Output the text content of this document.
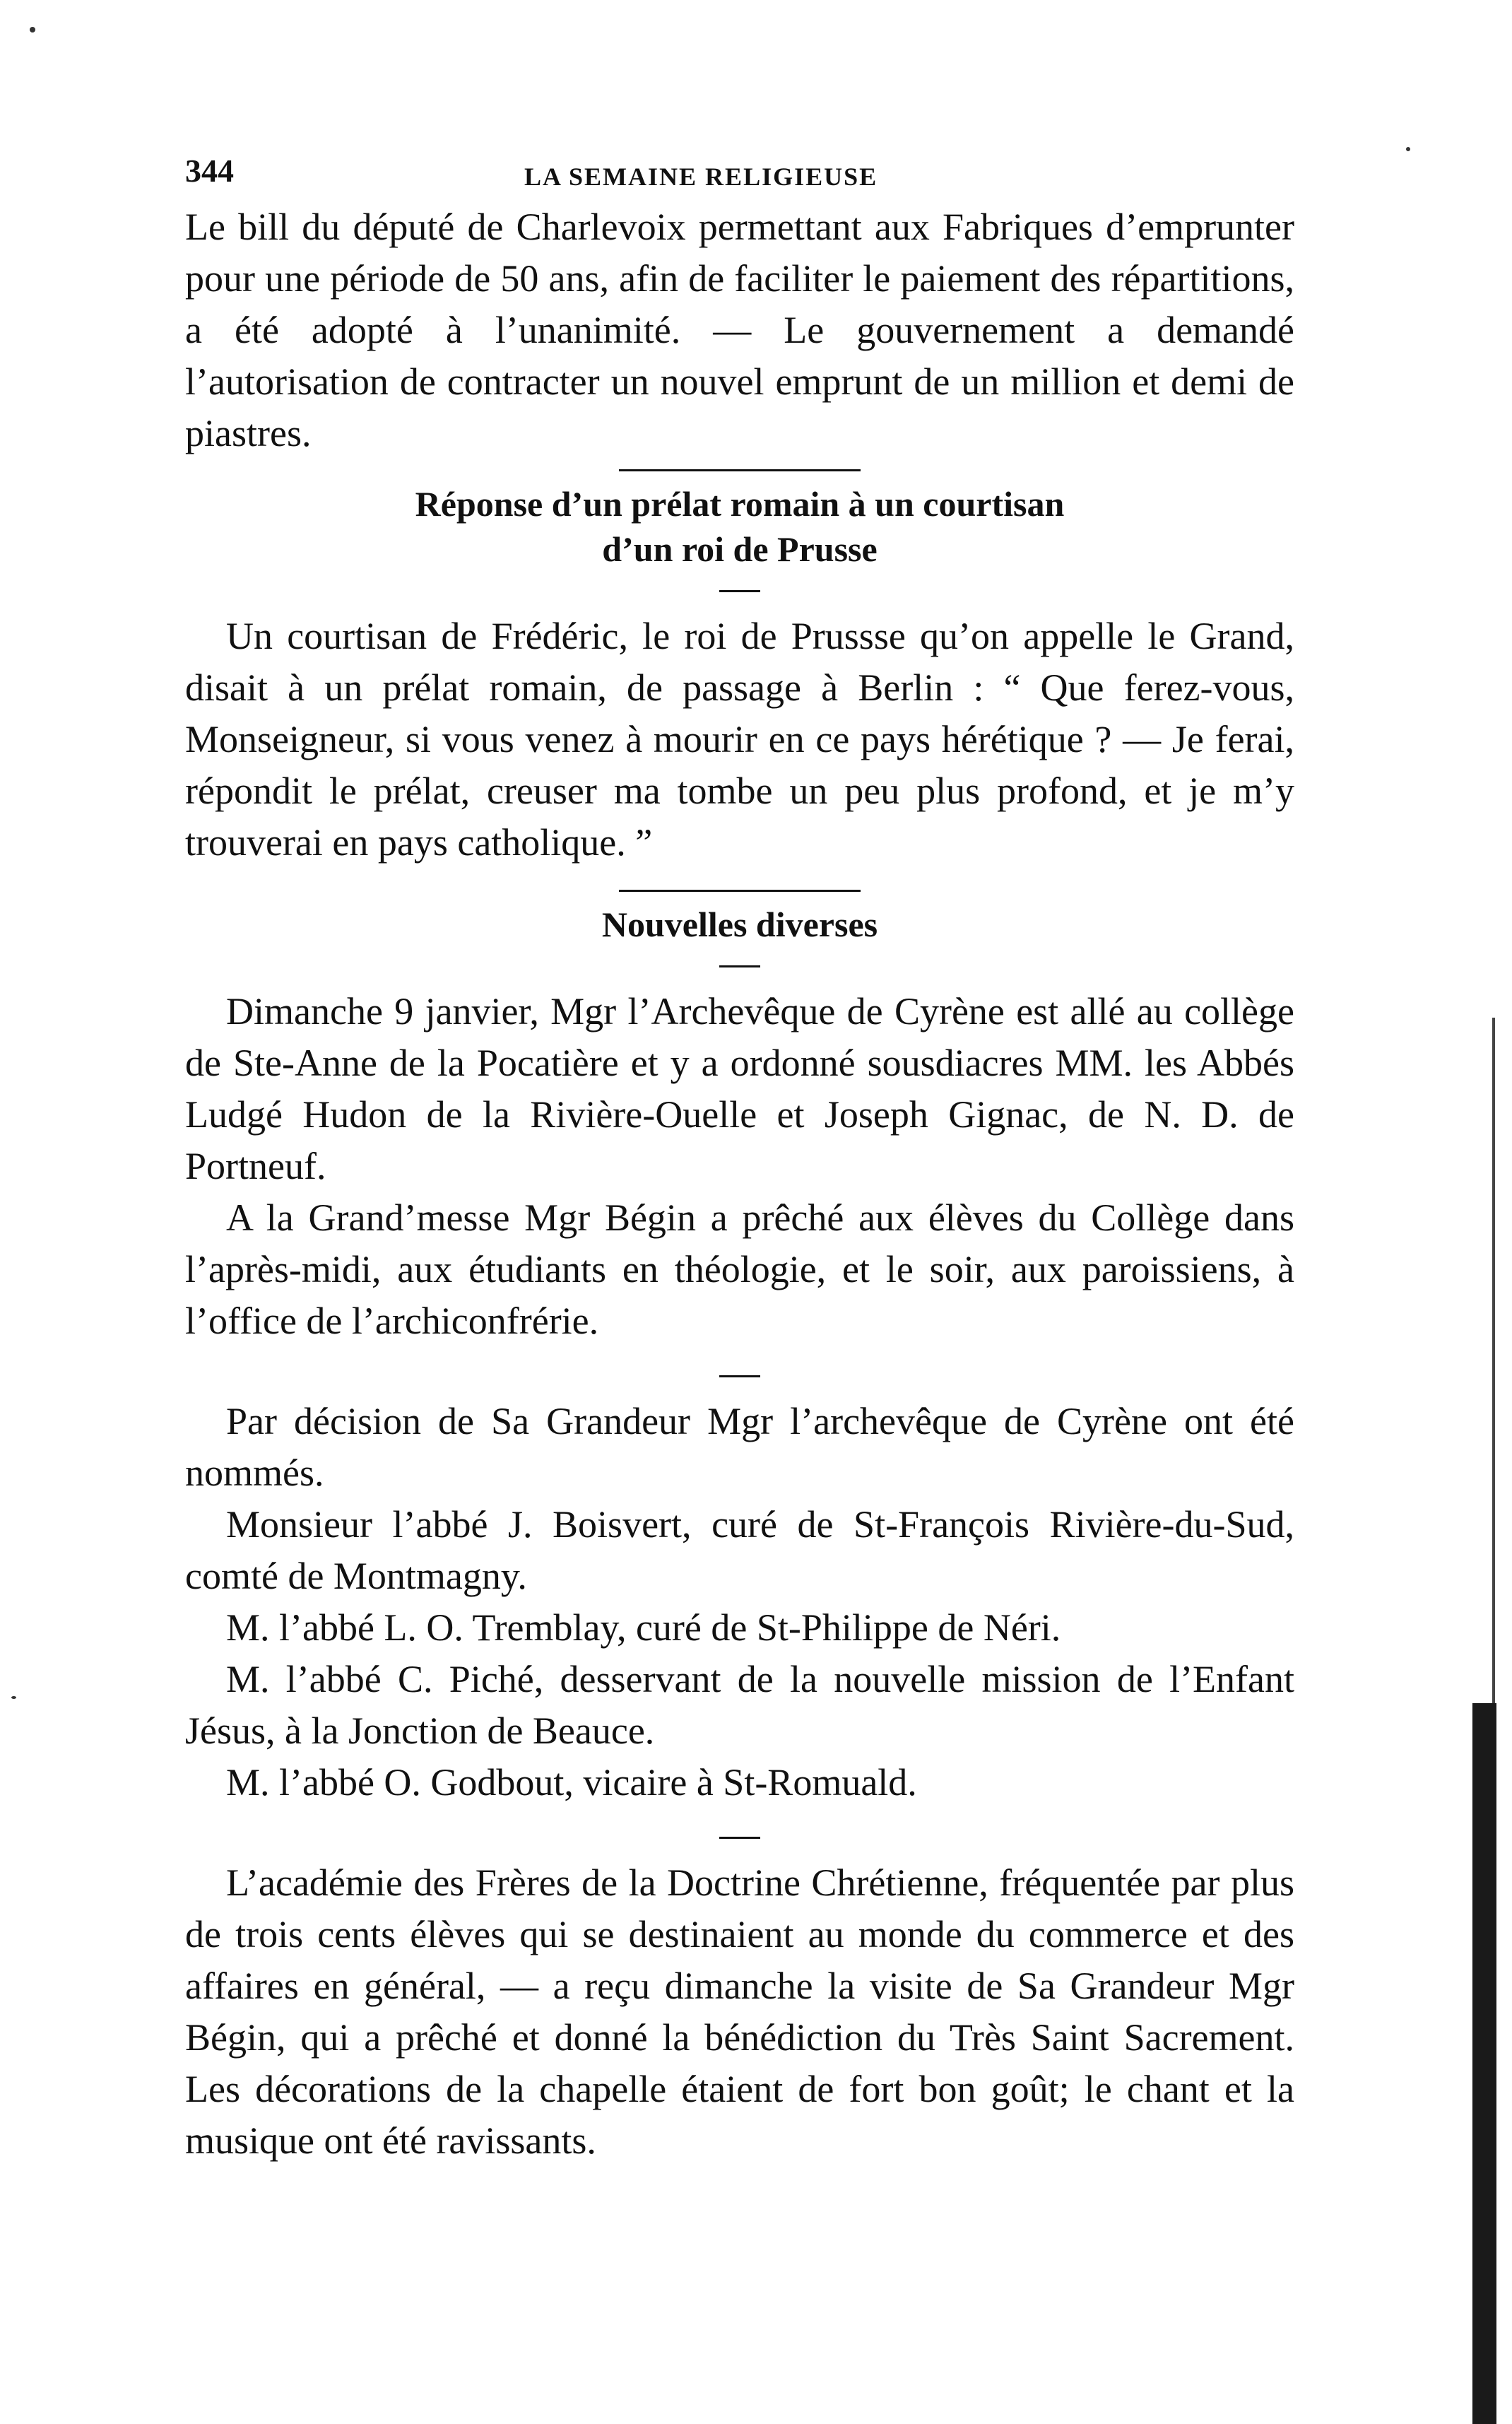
344	LA SEMAINE RELIGIEUSE

Le bill du député de Charlevoix permettant aux Fabriques d’emprunter pour une période de 50 ans, afin de faciliter le paiement des répartitions, a été adopté à l’unanimité. — Le gouvernement a demandé l’autorisation de contracter un nouvel emprunt de un million et demi de piastres.

Réponse d’un prélat romain à un courtisan
d’un roi de Prusse

Un courtisan de Frédéric, le roi de Prussse qu’on appelle le Grand, disait à un prélat romain, de passage à Berlin : “ Que ferez-vous, Monseigneur, si vous venez à mourir en ce pays hérétique ? — Je ferai, répondit le prélat, creuser ma tombe un peu plus profond, et je m’y trouverai en pays catholique. ”

Nouvelles diverses

Dimanche 9 janvier, Mgr l’Archevêque de Cyrène est allé au collège de Ste-Anne de la Pocatière et y a ordonné sousdiacres MM. les Abbés Ludgé Hudon de la Rivière-Ouelle et Joseph Gignac, de N. D. de Portneuf.

A la Grand’messe Mgr Bégin a prêché aux élèves du Collège dans l’après-midi, aux étudiants en théologie, et le soir, aux paroissiens, à l’office de l’archiconfrérie.

Par décision de Sa Grandeur Mgr l’archevêque de Cyrène ont été nommés.

Monsieur l’abbé J. Boisvert, curé de St-François Rivière-du-Sud, comté de Montmagny.

M. l’abbé L. O. Tremblay, curé de St-Philippe de Néri.

M. l’abbé C. Piché, desservant de la nouvelle mission de l’Enfant Jésus, à la Jonction de Beauce.

M. l’abbé O. Godbout, vicaire à St-Romuald.

L’académie des Frères de la Doctrine Chrétienne, fréquentée par plus de trois cents élèves qui se destinaient au monde du commerce et des affaires en général, — a reçu dimanche la visite de Sa Grandeur Mgr Bégin, qui a prêché et donné la bénédiction du Très Saint Sacrement. Les décorations de la chapelle étaient de fort bon goût; le chant et la musique ont été ravissants.
